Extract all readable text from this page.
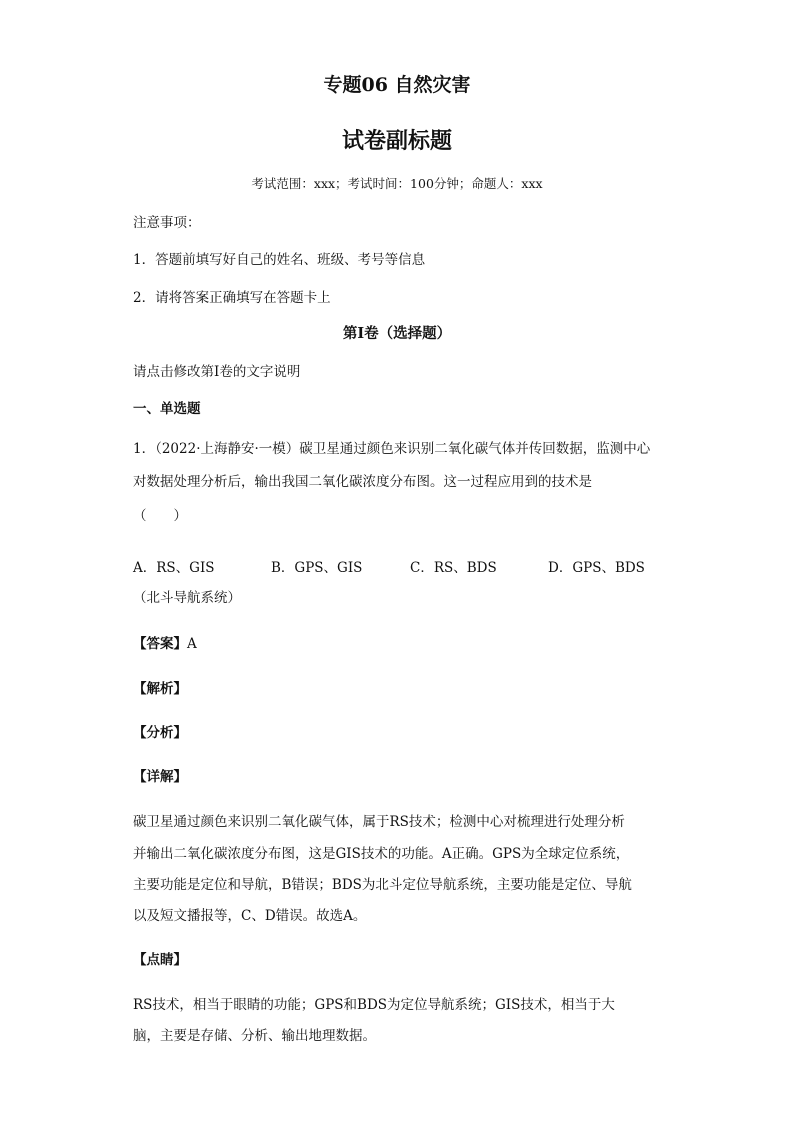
专题06 自然灾害
试卷副标题
考试范围：xxx；考试时间：100分钟；命题人：xxx
注意事项：
1．答题前填写好自己的姓名、班级、考号等信息
2．请将答案正确填写在答题卡上
第I卷（选择题）
请点击修改第I卷的文字说明
一、单选题
1．（2022·上海静安·一模）碳卫星通过颜色来识别二氧化碳气体并传回数据，监测中心
对数据处理分析后，输出我国二氧化碳浓度分布图。这一过程应用到的技术是
（　　）
A．RS、GIS	B．GPS、GIS	C．RS、BDS	D．GPS、BDS
（北斗导航系统）
【答案】A
【解析】
【分析】
【详解】
碳卫星通过颜色来识别二氧化碳气体，属于RS技术；检测中心对梳理进行处理分析
并输出二氧化碳浓度分布图，这是GIS技术的功能。A正确。GPS为全球定位系统，
主要功能是定位和导航，B错误；BDS为北斗定位导航系统，主要功能是定位、导航
以及短文播报等，C、D错误。故选A。
【点睛】
RS技术，相当于眼睛的功能；GPS和BDS为定位导航系统；GIS技术，相当于大
脑，主要是存储、分析、输出地理数据。
